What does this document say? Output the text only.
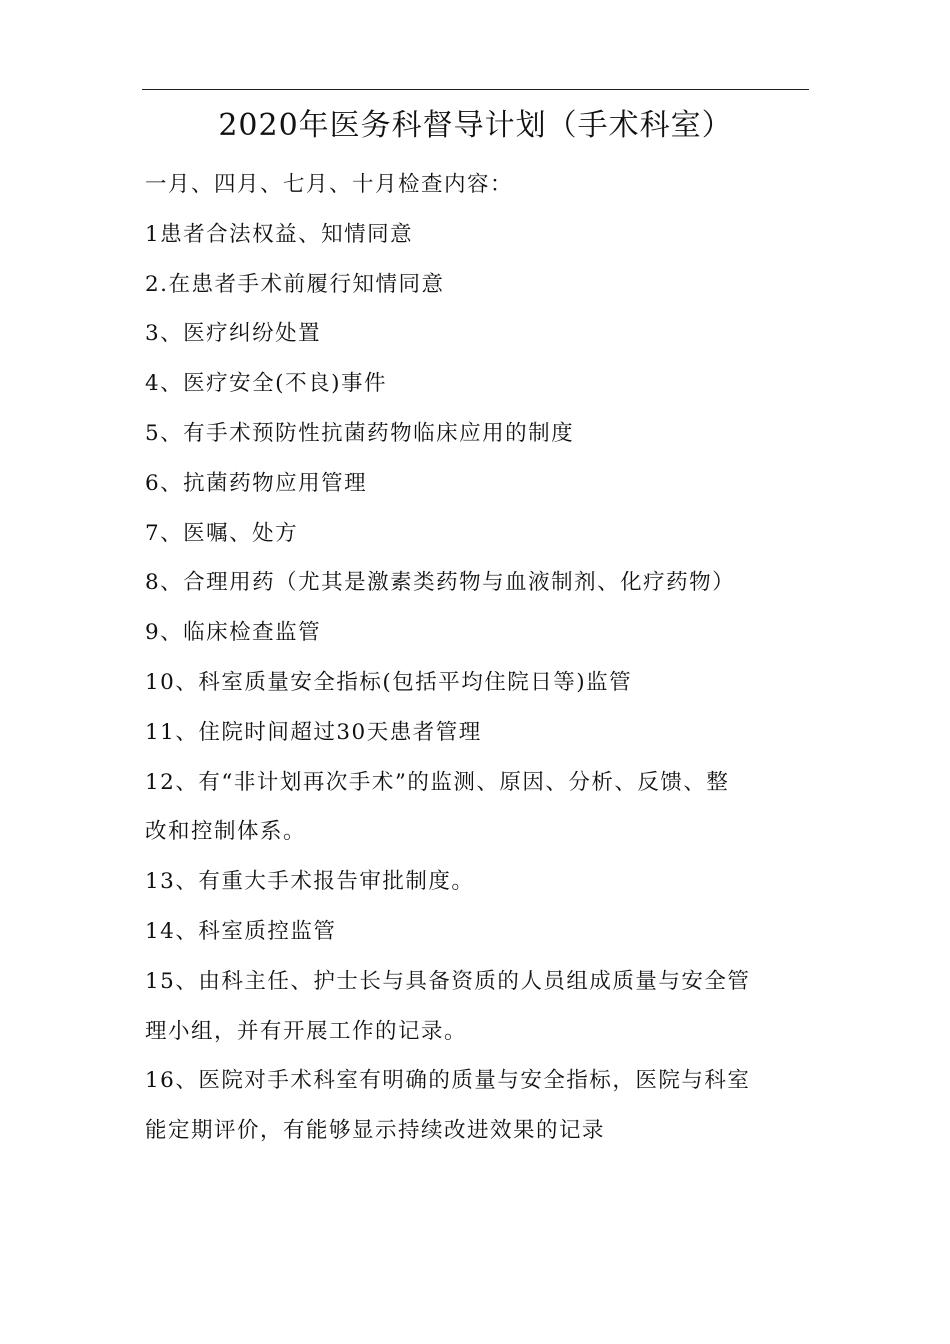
2020年医务科督导计划（手术科室）
一月、四月、七月、十月检查内容：
1患者合法权益、知情同意
2.在患者手术前履行知情同意
3、医疗纠纷处置
4、医疗安全(不良)事件
5、有手术预防性抗菌药物临床应用的制度
6、抗菌药物应用管理
7、医嘱、处方
8、合理用药（尤其是激素类药物与血液制剂、化疗药物）
9、临床检查监管
10、科室质量安全指标(包括平均住院日等)监管
11、住院时间超过30天患者管理
12、有“非计划再次手术”的监测、原因、分析、反馈、整
改和控制体系。
13、有重大手术报告审批制度。
14、科室质控监管
15、由科主任、护士长与具备资质的人员组成质量与安全管
理小组，并有开展工作的记录。
16、医院对手术科室有明确的质量与安全指标，医院与科室
能定期评价，有能够显示持续改进效果的记录
